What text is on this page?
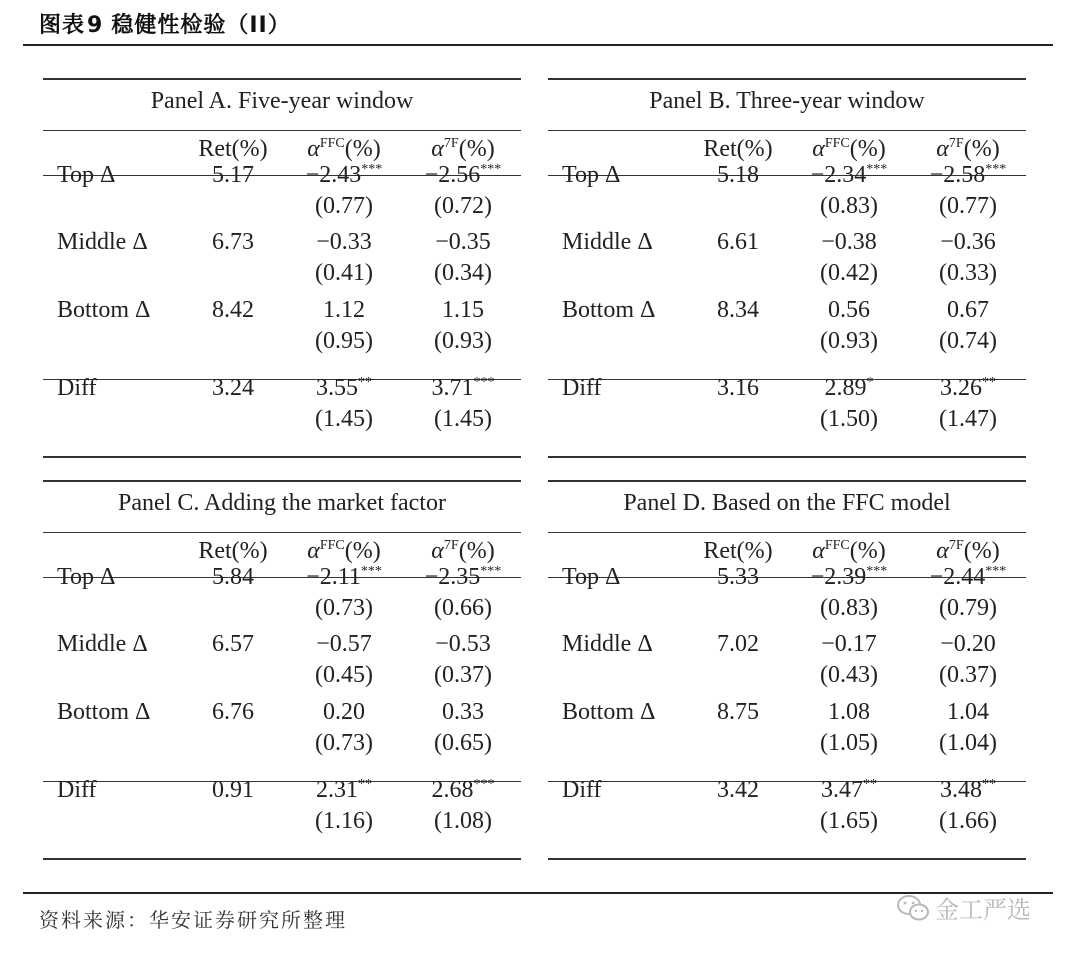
图表9 稳健性检验（II）
Panel A. Five-year window
Ret(%)	$\alpha^{FFC}(\%)$	$\alpha^{7F}(\%)$
Top Δ	5.17	−2.43***	−2.56***
(0.77)	(0.72)
Middle Δ	6.73	−0.33	−0.35
(0.41)	(0.34)
Bottom Δ	8.42	1.12	1.15
(0.95)	(0.93)
Diff	3.24	3.55**	3.71***
(1.45)	(1.45)
Panel B. Three-year window
Ret(%)	$\alpha^{FFC}(\%)$	$\alpha^{7F}(\%)$
Top Δ	5.18	−2.34***	−2.58***
(0.83)	(0.77)
Middle Δ	6.61	−0.38	−0.36
(0.42)	(0.33)
Bottom Δ	8.34	0.56	0.67
(0.93)	(0.74)
Diff	3.16	2.89*	3.26**
(1.50)	(1.47)
Panel C. Adding the market factor
Ret(%)	$\alpha^{FFC}(\%)$	$\alpha^{7F}(\%)$
Top Δ	5.84	−2.11***	−2.35***
(0.73)	(0.66)
Middle Δ	6.57	−0.57	−0.53
(0.45)	(0.37)
Bottom Δ	6.76	0.20	0.33
(0.73)	(0.65)
Diff	0.91	2.31**	2.68***
(1.16)	(1.08)
Panel D. Based on the FFC model
Ret(%)	$\alpha^{FFC}(\%)$	$\alpha^{7F}(\%)$
Top Δ	5.33	−2.39***	−2.44***
(0.83)	(0.79)
Middle Δ	7.02	−0.17	−0.20
(0.43)	(0.37)
Bottom Δ	8.75	1.08	1.04
(1.05)	(1.04)
Diff	3.42	3.47**	3.48**
(1.65)	(1.66)
资料来源：华安证券研究所整理	金工严选
